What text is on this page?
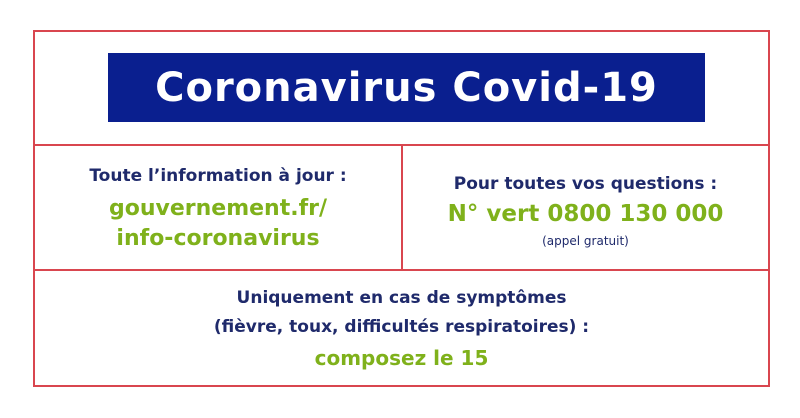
Coronavirus Covid-19
Toute l’information à jour :
gouvernement.fr/
info-coronavirus
Pour toutes vos questions :
N° vert 0800 130 000
(appel gratuit)
Uniquement en cas de symptômes
(fièvre, toux, difficultés respiratoires) :
composez le 15
